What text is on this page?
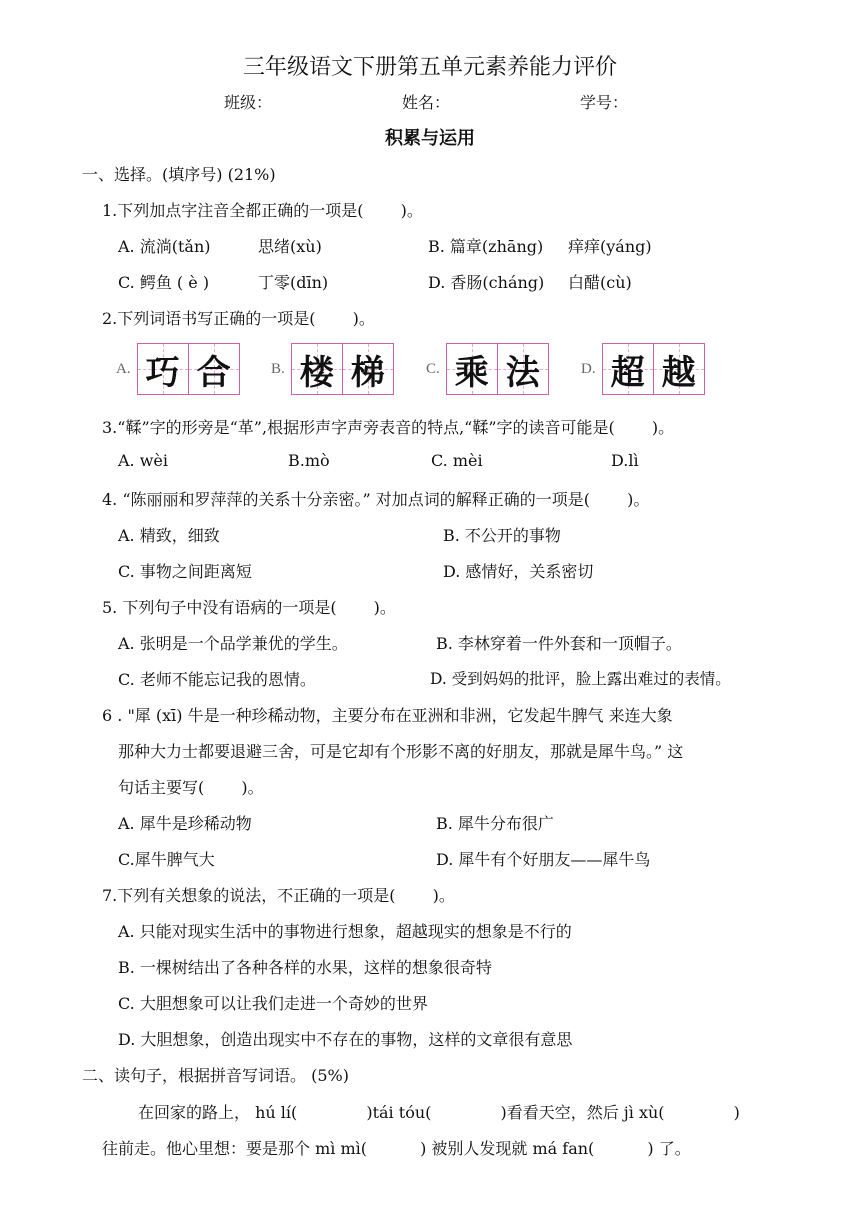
三年级语文下册第五单元素养能力评价
班级：	姓名：	学号：
积累与运用
一、选择。(填序号) (21%)
1.下列加点字注音全都正确的一项是(　　 )。
A. 流淌(tǎn)	思绪(xù)	B. 篇章(zhāng) 痒痒(yáng)
C. 鳄鱼 ( è )	丁零(dīn)	D. 香肠(cháng) 白醋(cù)
2.下列词语书写正确的一项是(　　 )。
A. 巧 合	B. 楼 梯	C. 乘 法	D. 超 越
3.“鞣”字的形旁是“革”,根据形声字声旁表音的特点,“鞣”字的读音可能是(　　 )。
A. wèi	B.mò	C. mèi	D.lì
4. “陈丽丽和罗萍萍的关系十分亲密。” 对加点词的解释正确的一项是(　　 )。
A. 精致，细致	B. 不公开的事物
C. 事物之间距离短	D. 感情好，关系密切
5. 下列句子中没有语病的一项是(　　 )。
A. 张明是一个品学兼优的学生。	B. 李林穿着一件外套和一顶帽子。
C. 老师不能忘记我的恩情。	D. 受到妈妈的批评，脸上露出难过的表情。
6 . "犀 (xī) 牛是一种珍稀动物，主要分布在亚洲和非洲，它发起牛脾气 来连大象
那种大力士都要退避三舍，可是它却有个形影不离的好朋友，那就是犀牛鸟。” 这
句话主要写(　　 )。
A. 犀牛是珍稀动物	B. 犀牛分布很广
C.犀牛脾气大	D. 犀牛有个好朋友——犀牛鸟
7.下列有关想象的说法，不正确的一项是(　　 )。
A. 只能对现实生活中的事物进行想象，超越现实的想象是不行的
B. 一棵树结出了各种各样的水果，这样的想象很奇特
C. 大胆想象可以让我们走进一个奇妙的世界
D. 大胆想象，创造出现实中不存在的事物，这样的文章很有意思
二、读句子，根据拼音写词语。 (5%)
在回家的路上， hú lí(　　　　 )tái tóu(　　　　 )看看天空，然后 jì xù(　　　　 )
往前走。他心里想：要是那个 mì mì(　　　 ) 被别人发现就 má fan(　　　 ) 了。
